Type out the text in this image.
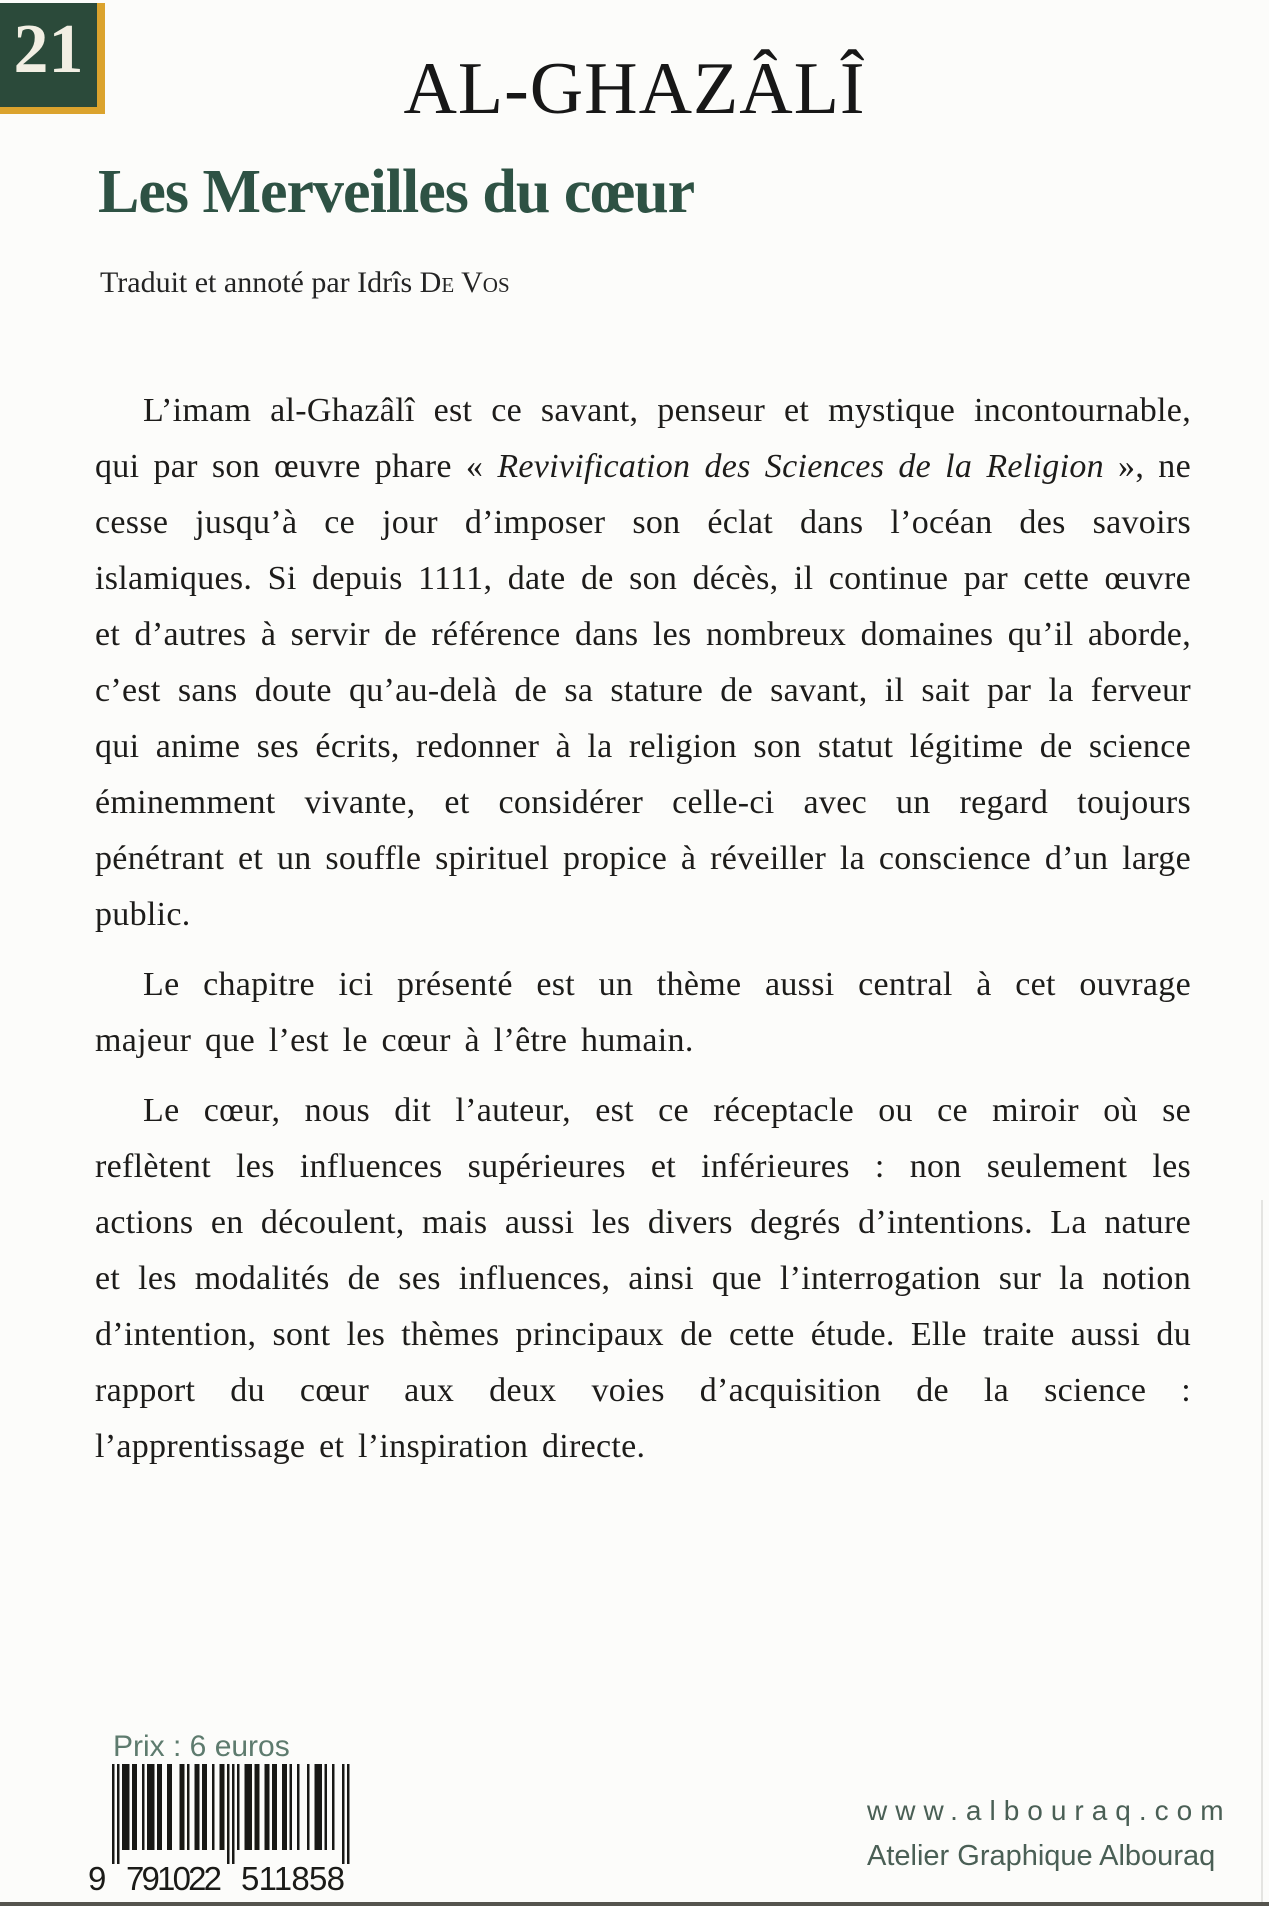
21	AL-GHAZÂLÎ
Les Merveilles du cœur
Traduit et annoté par Idrîs De Vos

L’imam al-Ghazâlî est ce savant, penseur et mystique incontournable, qui par son œuvre phare « Revivification des Sciences de la Religion », ne cesse jusqu’à ce jour d’imposer son éclat dans l’océan des savoirs islamiques. Si depuis 1111, date de son décès, il continue par cette œuvre et d’autres à servir de référence dans les nombreux domaines qu’il aborde, c’est sans doute qu’au-delà de sa stature de savant, il sait par la ferveur qui anime ses écrits, redonner à la religion son statut légitime de science éminemment vivante, et considérer celle-ci avec un regard toujours pénétrant et un souffle spirituel propice à réveiller la conscience d’un large public.

Le chapitre ici présenté est un thème aussi central à cet ouvrage majeur que l’est le cœur à l’être humain.

Le cœur, nous dit l’auteur, est ce réceptacle ou ce miroir où se reflètent les influences supérieures et inférieures : non seulement les actions en découlent, mais aussi les divers degrés d’intentions. La nature et les modalités de ses influences, ainsi que l’interrogation sur la notion d’intention, sont les thèmes principaux de cette étude. Elle traite aussi du rapport du cœur aux deux voies d’acquisition de la science : l’apprentissage et l’inspiration directe.

Prix : 6 euros
9 791022 511858
www.albouraq.com
Atelier Graphique Albouraq
